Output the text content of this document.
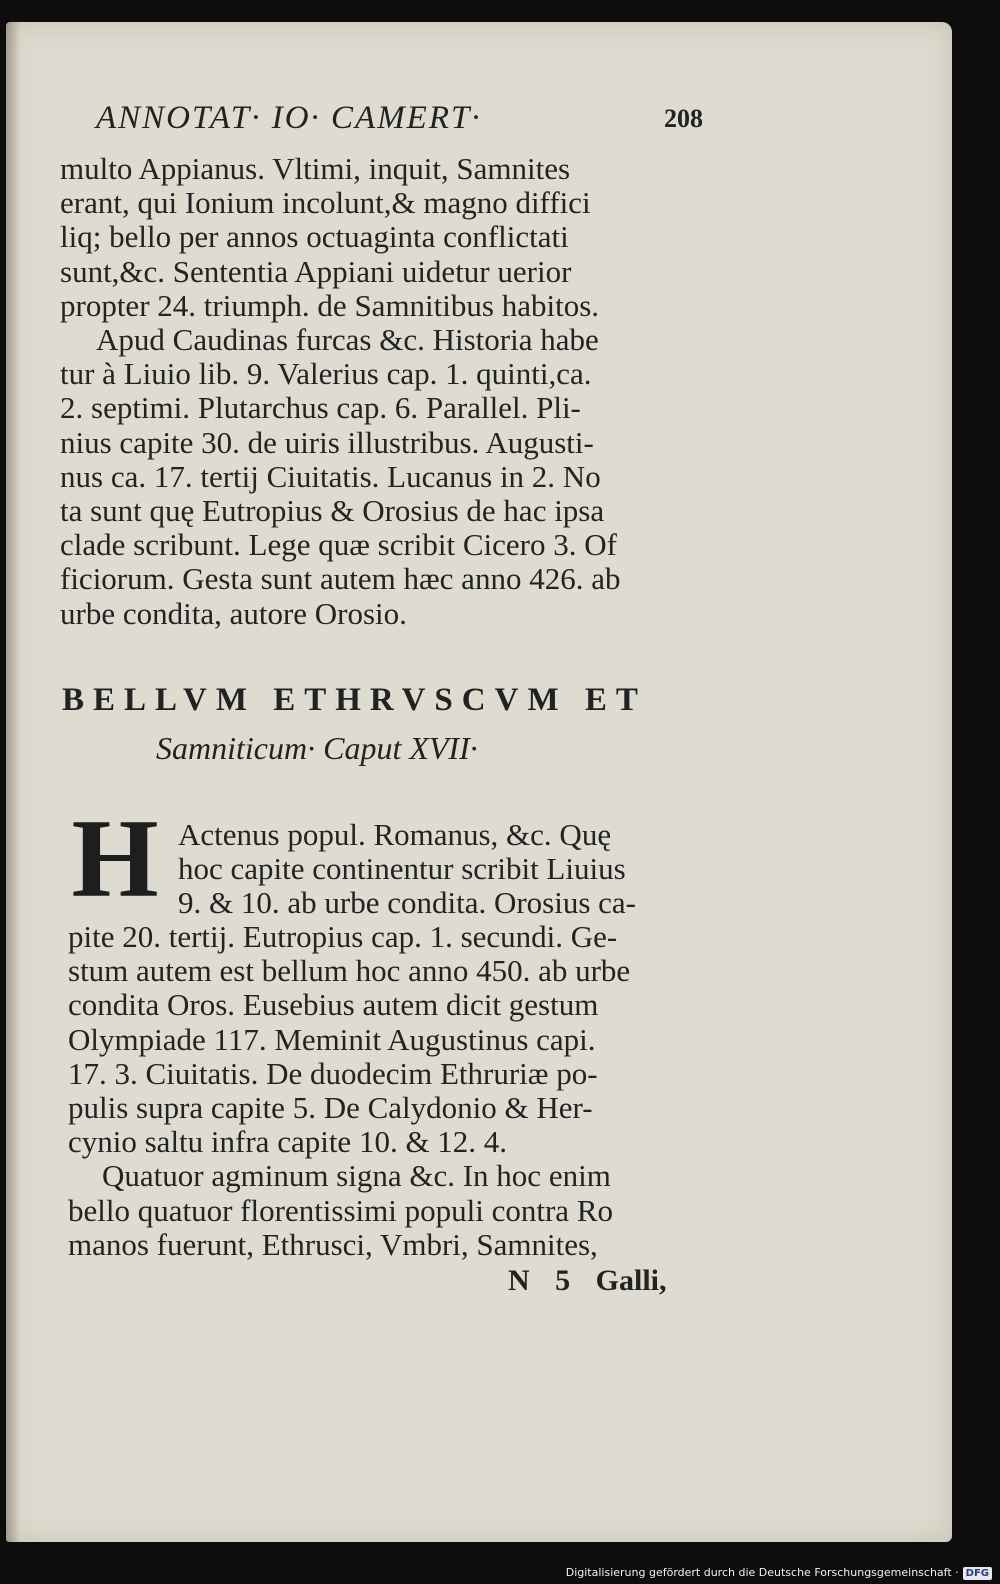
ANNOTAT· IO· CAMERT·	208
multo Appianus. Vltimi, inquit, Samnites
erant, qui Ionium incolunt,& magno diffici
liq; bello per annos octuaginta conflictati
sunt,&c. Sententia Appiani uidetur uerior
propter 24. triumph. de Samnitibus habitos.
Apud Caudinas furcas &c. Historia habe
tur à Liuio lib. 9. Valerius cap. 1. quinti,ca.
2. septimi. Plutarchus cap. 6. Parallel. Pli-
nius capite 30. de uiris illustribus. Augusti-
nus ca. 17. tertij Ciuitatis. Lucanus in 2. No
ta sunt quę Eutropius & Orosius de hac ipsa
clade scribunt. Lege quæ scribit Cicero 3. Of
ficiorum. Gesta sunt autem hæc anno 426. ab
urbe condita, autore Orosio.
BELLVM ETHRVSCVM ET
Samniticum· Caput XVII·
H Actenus popul. Romanus, &c. Quę
hoc capite continentur scribit Liuius
9. & 10. ab urbe condita. Orosius ca-
pite 20. tertij. Eutropius cap. 1. secundi. Ge-
stum autem est bellum hoc anno 450. ab urbe
condita Oros. Eusebius autem dicit gestum
Olympiade 117. Meminit Augustinus capi.
17. 3. Ciuitatis. De duodecim Ethruriæ po-
pulis supra capite 5. De Calydonio & Her-
cynio saltu infra capite 10. & 12. 4.
Quatuor agminum signa &c. In hoc enim
bello quatuor florentissimi populi contra Ro
manos fuerunt, Ethrusci, Vmbri, Samnites,
N 5 Galli,
Digitalisierung gefördert durch die Deutsche Forschungsgemeinschaft · DFG
